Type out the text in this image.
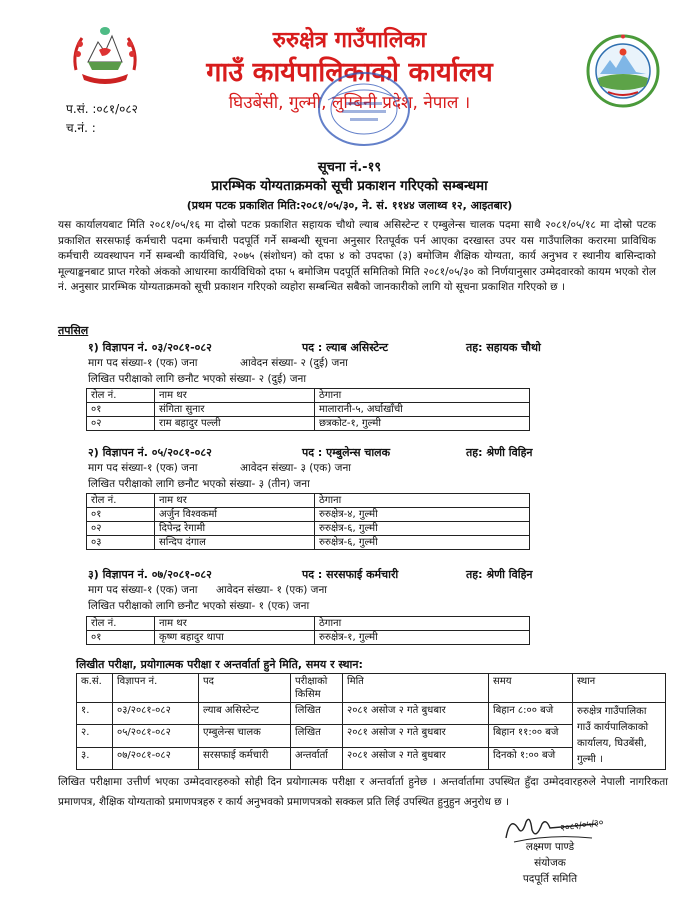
रुरुक्षेत्र गाउँपालिका
गाउँ कार्यपालिकाको कार्यालय
घिउबेंसी, गुल्मी, लुम्बिनी प्रदेश, नेपाल ।
प.सं. :०८१/०८२
च.नं. :
सूचना नं.-१९
प्रारम्भिक योग्यताक्रमको सूची प्रकाशन गरिएको सम्बन्धमा
(प्रथम पटक प्रकाशित मिति:२०८१/०५/३०, ने. सं. ११४४ जलाथ्व १२, आइतबार)
यस कार्यालयबाट मिति २०८१/०५/१६ मा दोस्रो पटक प्रकाशित सहायक चौथो ल्याब असिस्टेन्ट र एम्बुलेन्स चालक पदमा साथै २०८१/०५/१८ मा दोस्रो पटक प्रकाशित सरसफाई कर्मचारी पदमा कर्मचारी पदपूर्ति गर्ने सम्बन्धी सूचना अनुसार रितपूर्वक पर्न आएका दरखास्त उपर यस गाउँपालिका करारमा प्राविधिक कर्मचारी व्यवस्थापन गर्ने सम्बन्धी कार्यविधि, २०७५ (संशोधन) को दफा ४ को उपदफा (३) बमोजिम शैक्षिक योग्यता, कार्य अनुभव र स्थानीय बासिन्दाको मूल्याङ्कनबाट प्राप्त गरेको अंकको आधारमा कार्यविधिको दफा ५ बमोजिम पदपूर्ति समितिको मिति २०८१/०५/३० को निर्णयानुसार उम्मेदवारको कायम भएको रोल नं. अनुसार प्रारम्भिक योग्यताक्रमको सूची प्रकाशन गरिएको व्यहोरा सम्बन्धित सबैको जानकारीको लागि यो सूचना प्रकाशित गरिएको छ ।
तपसिल
१) विज्ञापन नं. ०३/२०८१-०८२	पद : ल्याब असिस्टेन्ट	तह: सहायक चौथो
माग पद संख्या-१ (एक) जना	आवेदन संख्या- २ (दुई) जना
लिखित परीक्षाको लागि छनौट भएको संख्या- २ (दुई) जना
रोल नं.	नाम थर	ठेगाना
०१	संगिता सुनार	मालारानी-५, अर्घाखाँची
०२	राम बहादुर पल्ली	छत्रकोट-१, गुल्मी
२) विज्ञापन नं. ०५/२०८१-०८२	पद : एम्बुलेन्स चालक	तह: श्रेणी विहिन
माग पद संख्या-१ (एक) जना	आवेदन संख्या- ३ (एक) जना
लिखित परीक्षाको लागि छनौट भएको संख्या- ३ (तीन) जना
रोल नं.	नाम थर	ठेगाना
०१	अर्जुन विश्वकर्मा	रुरुक्षेत्र-४, गुल्मी
०२	दिपेन्द्र रेगामी	रुरुक्षेत्र-६, गुल्मी
०३	सन्दिप दंगाल	रुरुक्षेत्र-६, गुल्मी
३) विज्ञापन नं. ०७/२०८१-०८२	पद : सरसफाई कर्मचारी	तह: श्रेणी विहिन
माग पद संख्या-१ (एक) जना आवेदन संख्या- १ (एक) जना
लिखित परीक्षाको लागि छनौट भएको संख्या- १ (एक) जना
रोल नं.	नाम थर	ठेगाना
०१	कृष्ण बहादुर थापा	रुरुक्षेत्र-१, गुल्मी
लिखीत परीक्षा, प्रयोगात्मक परीक्षा र अन्तर्वार्ता हुने मिति, समय र स्थान:
क.सं.	विज्ञापन नं.	पद	परीक्षाको किसिम	मिति	समय	स्थान
१.	०३/२०८१-०८२	ल्याब असिस्टेन्ट	लिखित	२०८१ असोज २ गते बुधबार	बिहान ८:०० बजे	रुरुक्षेत्र गाउँपालिका गाउँ कार्यपालिकाको कार्यालय, घिउबेंसी, गुल्मी ।
२.	०५/२०८१-०८२	एम्बुलेन्स चालक	लिखित	२०८१ असोज २ गते बुधबार	बिहान ११:०० बजे	
३.	०७/२०८१-०८२	सरसफाई कर्मचारी	अन्तर्वार्ता	२०८१ असोज २ गते बुधबार	दिनको १:०० बजे	
लिखित परीक्षामा उत्तीर्ण भएका उम्मेदवारहरुको सोही दिन प्रयोगात्मक परीक्षा र अन्तर्वार्ता हुनेछ । अन्तर्वार्तामा उपस्थित हुँदा उम्मेदवारहरुले नेपाली नागरिकता प्रमाणपत्र, शैक्षिक योग्यताको प्रमाणपत्रहरु र कार्य अनुभवको प्रमाणपत्रको सक्कल प्रति लिई उपस्थित हुनुहुन अनुरोध छ ।
२०८१/०५/३०
लक्ष्मण पाण्डे
संयोजक
पदपूर्ति समिति
